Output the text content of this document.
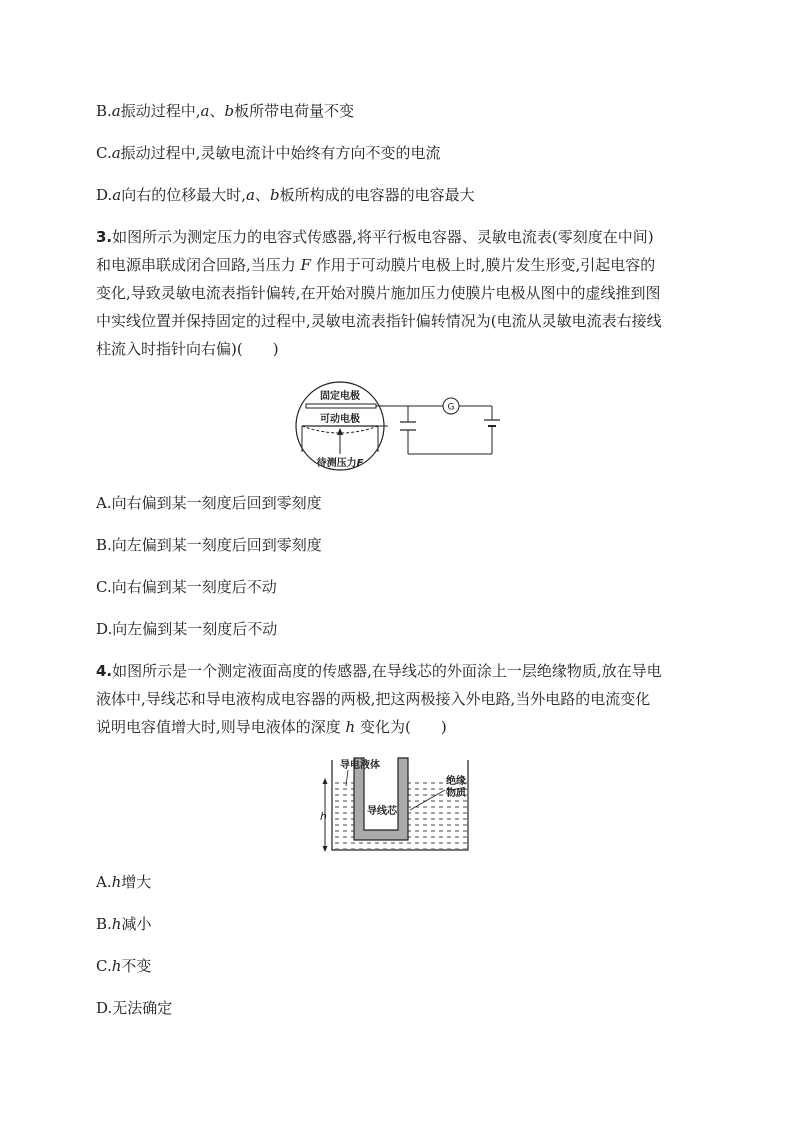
B.a振动过程中,a、b板所带电荷量不变
C.a振动过程中,灵敏电流计中始终有方向不变的电流
D.a向右的位移最大时,a、b板所构成的电容器的电容最大
3.如图所示为测定压力的电容式传感器,将平行板电容器、灵敏电流表(零刻度在中间)
和电源串联成闭合回路,当压力 F 作用于可动膜片电极上时,膜片发生形变,引起电容的
变化,导致灵敏电流表指针偏转,在开始对膜片施加压力使膜片电极从图中的虚线推到图
中实线位置并保持固定的过程中,灵敏电流表指针偏转情况为(电流从灵敏电流表右接线
柱流入时指针向右偏)(　　)
固定电极
可动电极
待测压力F
G
A.向右偏到某一刻度后回到零刻度
B.向左偏到某一刻度后回到零刻度
C.向右偏到某一刻度后不动
D.向左偏到某一刻度后不动
4.如图所示是一个测定液面高度的传感器,在导线芯的外面涂上一层绝缘物质,放在导电
液体中,导线芯和导电液构成电容器的两极,把这两极接入外电路,当外电路的电流变化
说明电容值增大时,则导电液体的深度 h 变化为(　　)
导电液体
绝缘
物质
导线芯
h
A.h增大
B.h减小
C.h不变
D.无法确定
